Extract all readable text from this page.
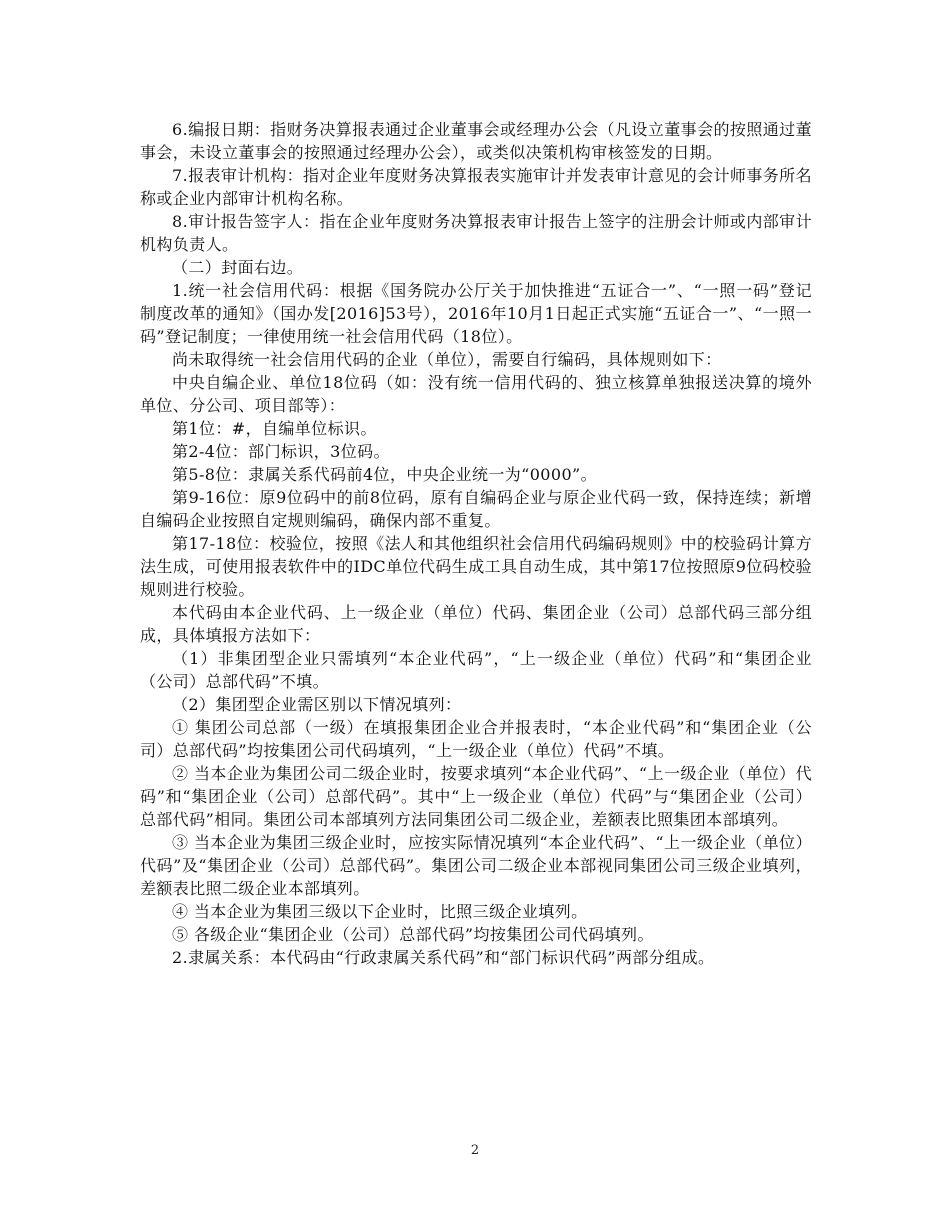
6.编报日期：指财务决算报表通过企业董事会或经理办公会（凡设立董事会的按照通过董事会，未设立董事会的按照通过经理办公会），或类似决策机构审核签发的日期。

7.报表审计机构：指对企业年度财务决算报表实施审计并发表审计意见的会计师事务所名称或企业内部审计机构名称。

8.审计报告签字人：指在企业年度财务决算报表审计报告上签字的注册会计师或内部审计机构负责人。

（二）封面右边。

1.统一社会信用代码：根据《国务院办公厅关于加快推进“五证合一”、“一照一码”登记制度改革的通知》（国办发[2016]53号），2016年10月1日起正式实施“五证合一”、“一照一码”登记制度；一律使用统一社会信用代码（18位）。

尚未取得统一社会信用代码的企业（单位），需要自行编码，具体规则如下：

中央自编企业、单位18位码（如：没有统一信用代码的、独立核算单独报送决算的境外单位、分公司、项目部等）：

第1位：#，自编单位标识。

第2-4位：部门标识，3位码。

第5-8位：隶属关系代码前4位，中央企业统一为“0000”。

第9-16位：原9位码中的前8位码，原有自编码企业与原企业代码一致，保持连续；新增自编码企业按照自定规则编码，确保内部不重复。

第17-18位：校验位，按照《法人和其他组织社会信用代码编码规则》中的校验码计算方法生成，可使用报表软件中的IDC单位代码生成工具自动生成，其中第17位按照原9位码校验规则进行校验。

本代码由本企业代码、上一级企业（单位）代码、集团企业（公司）总部代码三部分组成，具体填报方法如下：

（1）非集团型企业只需填列“本企业代码”，“上一级企业（单位）代码”和“集团企业（公司）总部代码”不填。

（2）集团型企业需区别以下情况填列：

① 集团公司总部（一级）在填报集团企业合并报表时，“本企业代码”和“集团企业（公司）总部代码”均按集团公司代码填列，“上一级企业（单位）代码”不填。

② 当本企业为集团公司二级企业时，按要求填列“本企业代码”、“上一级企业（单位）代码”和“集团企业（公司）总部代码”。其中“上一级企业（单位）代码”与“集团企业（公司）总部代码”相同。集团公司本部填列方法同集团公司二级企业，差额表比照集团本部填列。

③ 当本企业为集团三级企业时，应按实际情况填列“本企业代码”、“上一级企业（单位）代码”及“集团企业（公司）总部代码”。集团公司二级企业本部视同集团公司三级企业填列，差额表比照二级企业本部填列。

④ 当本企业为集团三级以下企业时，比照三级企业填列。

⑤ 各级企业“集团企业（公司）总部代码”均按集团公司代码填列。

2.隶属关系：本代码由“行政隶属关系代码”和“部门标识代码”两部分组成。

2
